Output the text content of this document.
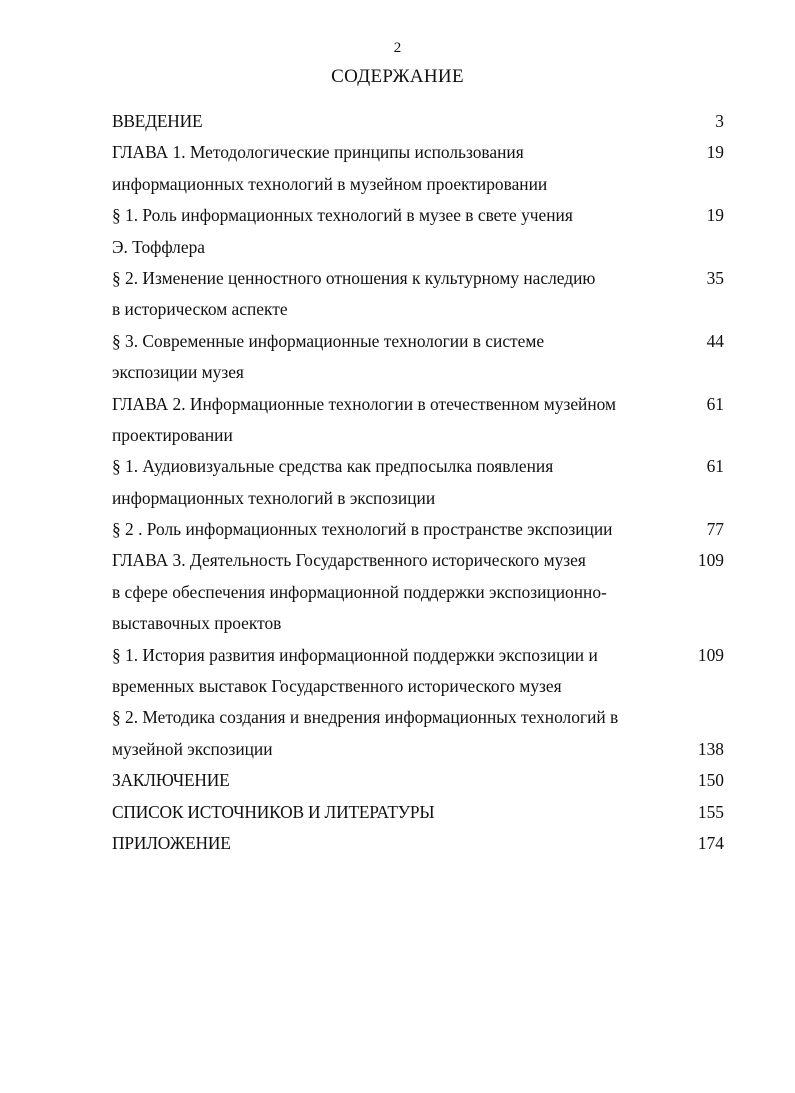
2
СОДЕРЖАНИЕ
ВВЕДЕНИЕ	3
ГЛАВА 1. Методологические принципы использования	19
информационных технологий в музейном проектировании
§ 1. Роль информационных технологий в музее в свете учения	19
Э. Тоффлера
§ 2. Изменение ценностного отношения к культурному наследию	35
в историческом аспекте
§ 3. Современные информационные технологии в системе	44
экспозиции музея
ГЛАВА 2. Информационные технологии в отечественном музейном	61
проектировании
§ 1. Аудиовизуальные средства как предпосылка появления	61
информационных технологий в экспозиции
§ 2 . Роль информационных технологий в пространстве экспозиции	77
ГЛАВА 3. Деятельность Государственного исторического музея	109
в сфере обеспечения информационной поддержки экспозиционно-
выставочных проектов
§ 1. История развития информационной поддержки экспозиции и	109
временных выставок Государственного исторического музея
§ 2. Методика создания и внедрения информационных технологий в
музейной экспозиции	138
ЗАКЛЮЧЕНИЕ	150
СПИСОК ИСТОЧНИКОВ И ЛИТЕРАТУРЫ	155
ПРИЛОЖЕНИЕ	174
